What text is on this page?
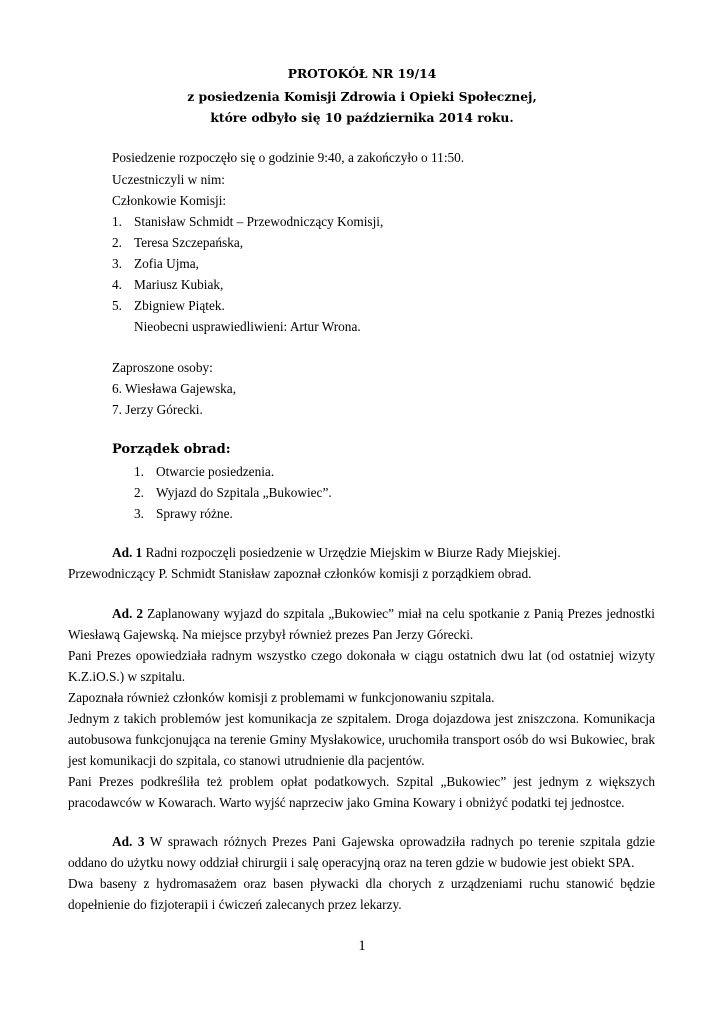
PROTOKÓŁ NR 19/14
z posiedzenia Komisji Zdrowia i Opieki Społecznej,
które odbyło się 10 października 2014 roku.
Posiedzenie rozpoczęło się o godzinie 9:40, a zakończyło o 11:50.
Uczestniczyli w nim:
Członkowie Komisji:
1. Stanisław Schmidt – Przewodniczący Komisji,
2. Teresa Szczepańska,
3. Zofia Ujma,
4. Mariusz Kubiak,
5. Zbigniew Piątek.
Nieobecni usprawiedliwieni: Artur Wrona.
Zaproszone osoby:
6. Wiesława Gajewska,
7. Jerzy Górecki.
Porządek obrad:
1. Otwarcie posiedzenia.
2. Wyjazd do Szpitala „Bukowiec”.
3. Sprawy różne.
Ad. 1 Radni rozpoczęli posiedzenie w Urzędzie Miejskim w Biurze Rady Miejskiej.
Przewodniczący P. Schmidt Stanisław zapoznał członków komisji z porządkiem obrad.
Ad. 2 Zaplanowany wyjazd do szpitala „Bukowiec” miał na celu spotkanie z Panią Prezes jednostki
Wiesławą Gajewską. Na miejsce przybył również prezes Pan Jerzy Górecki.
Pani Prezes opowiedziała radnym wszystko czego dokonała w ciągu ostatnich dwu lat (od ostatniej wizyty
K.Z.iO.S.) w szpitalu.
Zapoznała również członków komisji z problemami w funkcjonowaniu szpitala.
Jednym z takich problemów jest komunikacja ze szpitalem. Droga dojazdowa jest zniszczona. Komunikacja
autobusowa funkcjonująca na terenie Gminy Mysłakowice, uruchomiła transport osób do wsi Bukowiec, brak
jest komunikacji do szpitala, co stanowi utrudnienie dla pacjentów.
Pani Prezes podkreśliła też problem opłat podatkowych. Szpital „Bukowiec” jest jednym z większych
pracodawców w Kowarach. Warto wyjść naprzeciw jako Gmina Kowary i obniżyć podatki tej jednostce.
Ad. 3 W sprawach różnych Prezes Pani Gajewska oprowadziła radnych po terenie szpitala gdzie
oddano do użytku nowy oddział chirurgii i salę operacyjną oraz na teren gdzie w budowie jest obiekt SPA.
Dwa baseny z hydromasażem oraz basen pływacki dla chorych z urządzeniami ruchu stanowić będzie
dopełnienie do fizjoterapii i ćwiczeń zalecanych przez lekarzy.
1
